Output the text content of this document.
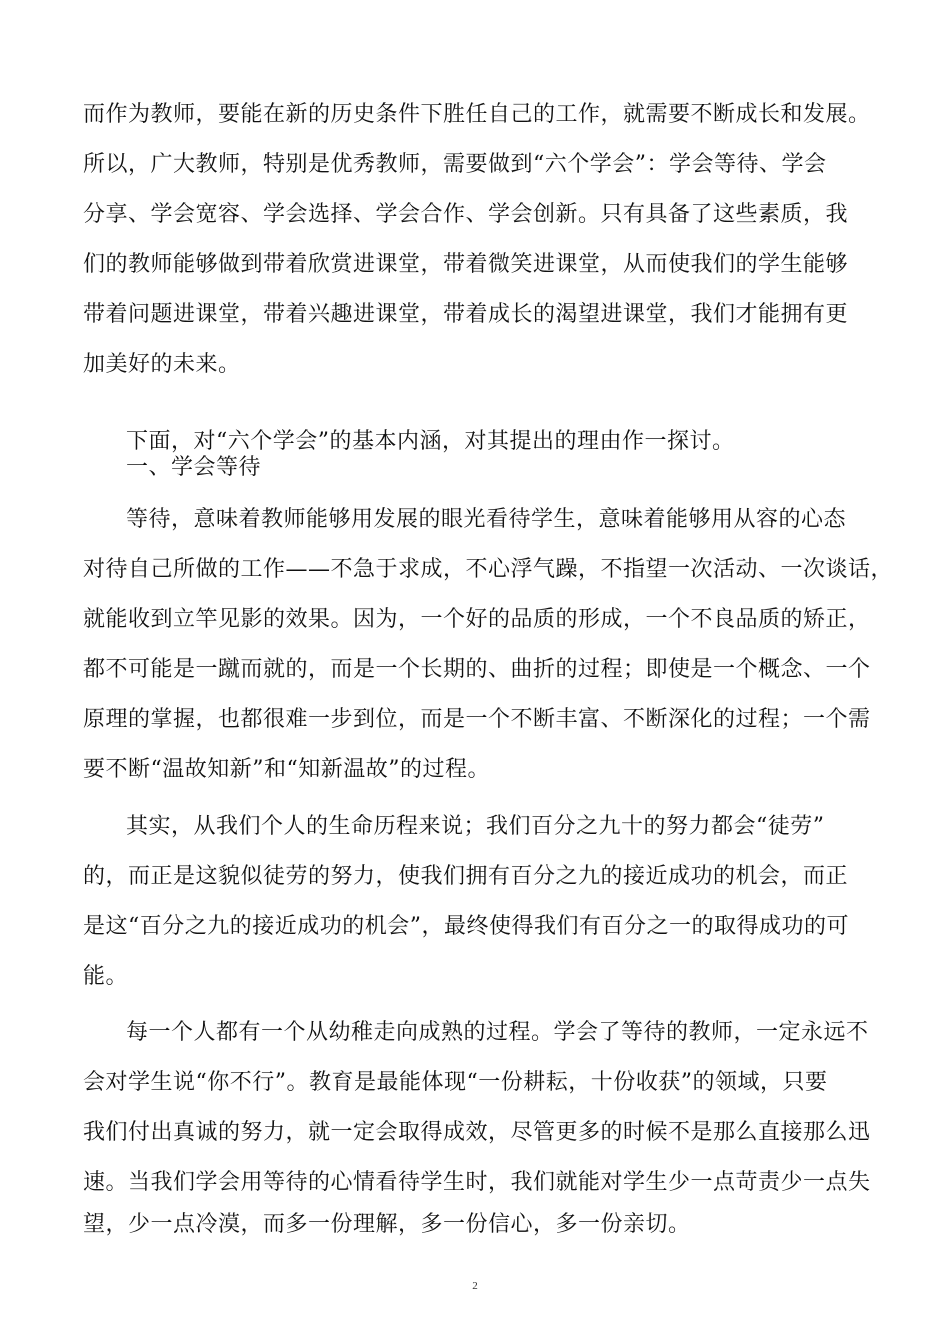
而作为教师，要能在新的历史条件下胜任自己的工作，就需要不断成长和发展。
所以，广大教师，特别是优秀教师，需要做到“六个学会”：学会等待、学会
分享、学会宽容、学会选择、学会合作、学会创新。只有具备了这些素质，我
们的教师能够做到带着欣赏进课堂，带着微笑进课堂，从而使我们的学生能够
带着问题进课堂，带着兴趣进课堂，带着成长的渴望进课堂，我们才能拥有更
加美好的未来。
下面，对“六个学会”的基本内涵，对其提出的理由作一探讨。
一、学会等待
等待，意味着教师能够用发展的眼光看待学生，意味着能够用从容的心态
对待自己所做的工作——不急于求成，不心浮气躁，不指望一次活动、一次谈话，
就能收到立竿见影的效果。因为，一个好的品质的形成，一个不良品质的矫正，
都不可能是一蹴而就的，而是一个长期的、曲折的过程；即使是一个概念、一个
原理的掌握，也都很难一步到位，而是一个不断丰富、不断深化的过程；一个需
要不断“温故知新”和“知新温故”的过程。
其实，从我们个人的生命历程来说；我们百分之九十的努力都会“徒劳”
的，而正是这貌似徒劳的努力，使我们拥有百分之九的接近成功的机会，而正
是这“百分之九的接近成功的机会”，最终使得我们有百分之一的取得成功的可
能。
每一个人都有一个从幼稚走向成熟的过程。学会了等待的教师，一定永远不
会对学生说“你不行”。教育是最能体现“一份耕耘，十份收获”的领域，只要
我们付出真诚的努力，就一定会取得成效，尽管更多的时候不是那么直接那么迅
速。当我们学会用等待的心情看待学生时，我们就能对学生少一点苛责少一点失
望，少一点冷漠，而多一份理解，多一份信心，多一份亲切。
2
